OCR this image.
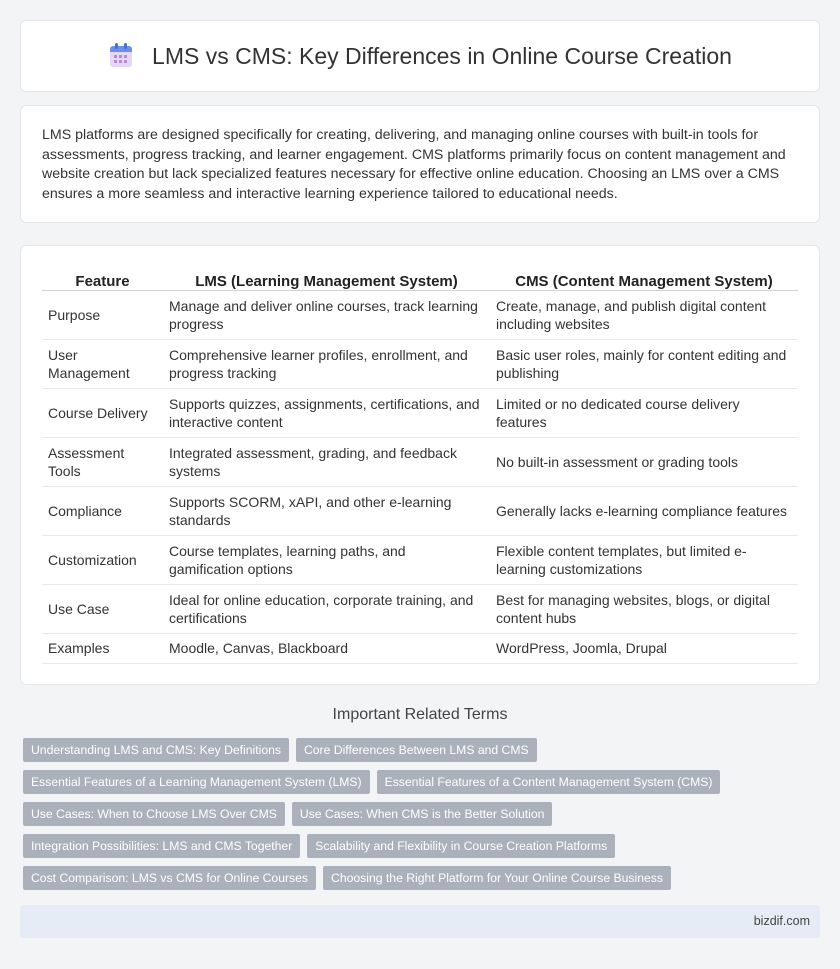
LMS vs CMS: Key Differences in Online Course Creation

LMS platforms are designed specifically for creating, delivering, and managing online courses with built-in tools for assessments, progress tracking, and learner engagement. CMS platforms primarily focus on content management and website creation but lack specialized features necessary for effective online education. Choosing an LMS over a CMS ensures a more seamless and interactive learning experience tailored to educational needs.

Feature	LMS (Learning Management System)	CMS (Content Management System)
Purpose	Manage and deliver online courses, track learning progress	Create, manage, and publish digital content including websites
User Management	Comprehensive learner profiles, enrollment, and progress tracking	Basic user roles, mainly for content editing and publishing
Course Delivery	Supports quizzes, assignments, certifications, and interactive content	Limited or no dedicated course delivery features
Assessment Tools	Integrated assessment, grading, and feedback systems	No built-in assessment or grading tools
Compliance	Supports SCORM, xAPI, and other e-learning standards	Generally lacks e-learning compliance features
Customization	Course templates, learning paths, and gamification options	Flexible content templates, but limited e-learning customizations
Use Case	Ideal for online education, corporate training, and certifications	Best for managing websites, blogs, or digital content hubs
Examples	Moodle, Canvas, Blackboard	WordPress, Joomla, Drupal
Important Related Terms
Understanding LMS and CMS: Key Definitions	Core Differences Between LMS and CMS
Essential Features of a Learning Management System (LMS)	Essential Features of a Content Management System (CMS)
Use Cases: When to Choose LMS Over CMS	Use Cases: When CMS is the Better Solution
Integration Possibilities: LMS and CMS Together	Scalability and Flexibility in Course Creation Platforms
Cost Comparison: LMS vs CMS for Online Courses	Choosing the Right Platform for Your Online Course Business
bizdif.com
